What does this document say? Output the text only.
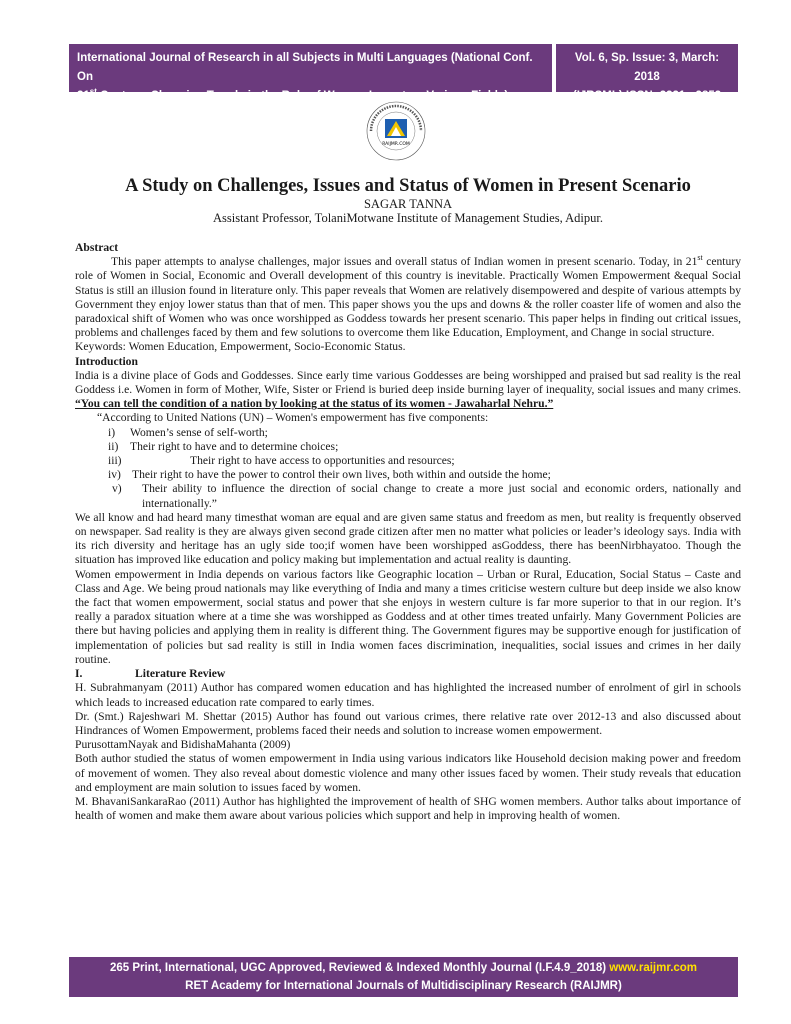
International Journal of Research in all Subjects in Multi Languages (National Conf. On
21st Century: Changing Trends in the Role of Women-Impact on Various Fields)
Vol. 6, Sp. Issue: 3, March: 2018
(IJRSML) ISSN: 2321 - 2853
RAIJMR.COM
A Study on Challenges, Issues and Status of Women in Present Scenario
SAGAR TANNA
Assistant Professor, TolaniMotwane Institute of Management Studies, Adipur.

Abstract

This paper attempts to analyse challenges, major issues and overall status of Indian women in present scenario. Today, in 21st century role of Women in Social, Economic and Overall development of this country is inevitable. Practically Women Empowerment &equal Social Status is still an illusion found in literature only. This paper reveals that Women are relatively disempowered and despite of various attempts by Government they enjoy lower status than that of men. This paper shows you the ups and downs & the roller coaster life of women and also the paradoxical shift of Women who was once worshipped as Goddess towards her present scenario. This paper helps in finding out critical issues, problems and challenges faced by them and few solutions to overcome them like Education, Employment, and Change in social structure.

Keywords: Women Education, Empowerment, Socio-Economic Status.

Introduction

India is a divine place of Gods and Goddesses. Since early time various Goddesses are being worshipped and praised but sad reality is the real Goddess i.e. Women in form of Mother, Wife, Sister or Friend is buried deep inside burning layer of inequality, social issues and many crimes. “You can tell the condition of a nation by looking at the status of its women - Jawaharlal Nehru.”

“According to United Nations (UN) – Women's empowerment has five components:

i)	Women’s sense of self-worth;
ii)	Their right to have and to determine choices;
iii)	Their right to have access to opportunities and resources;
iv) Their right to have the power to control their own lives, both within and outside the home;
v)	Their ability to influence the direction of social change to create a more just social and economic orders, nationally and internationally.”

We all know and had heard many timesthat woman are equal and are given same status and freedom as men, but reality is frequently observed on newspaper. Sad reality is they are always given second grade citizen after men no matter what policies or leader’s ideology says. India with its rich diversity and heritage has an ugly side too;if women have been worshipped asGoddess, there has beenNirbhayatoo. Though the situation has improved like education and policy making but implementation and actual reality is daunting.

Women empowerment in India depends on various factors like Geographic location – Urban or Rural, Education, Social Status – Caste and Class and Age. We being proud nationals may like everything of India and many a times criticise western culture but deep inside we also know the fact that women empowerment, social status and power that she enjoys in western culture is far more superior to that in our region. It’s really a paradox situation where at a time she was worshipped as Goddess and at other times treated unfairly. Many Government Policies are there but having policies and applying them in reality is different thing. The Government figures may be supportive enough for justification of implementation of policies but sad reality is still in India women faces discrimination, inequalities, social issues and crimes in her daily routine.

I.	Literature Review

H. Subrahmanyam (2011) Author has compared women education and has highlighted the increased number of enrolment of girl in schools which leads to increased education rate compared to early times.

Dr. (Smt.) Rajeshwari M. Shettar (2015) Author has found out various crimes, there relative rate over 2012-13 and also discussed about Hindrances of Women Empowerment, problems faced their needs and solution to increase women empowerment.

PurusottamNayak and BidishaMahanta (2009)

Both author studied the status of women empowerment in India using various indicators like Household decision making power and freedom of movement of women. They also reveal about domestic violence and many other issues faced by women. Their study reveals that education and employment are main solution to issues faced by women.

M. BhavaniSankaraRao (2011) Author has highlighted the improvement of health of SHG women members. Author talks about importance of health of women and make them aware about various policies which support and help in improving health of women.

265 Print, International, UGC Approved, Reviewed & Indexed Monthly Journal (I.F.4.9_2018) www.raijmr.com
RET Academy for International Journals of Multidisciplinary Research (RAIJMR)
